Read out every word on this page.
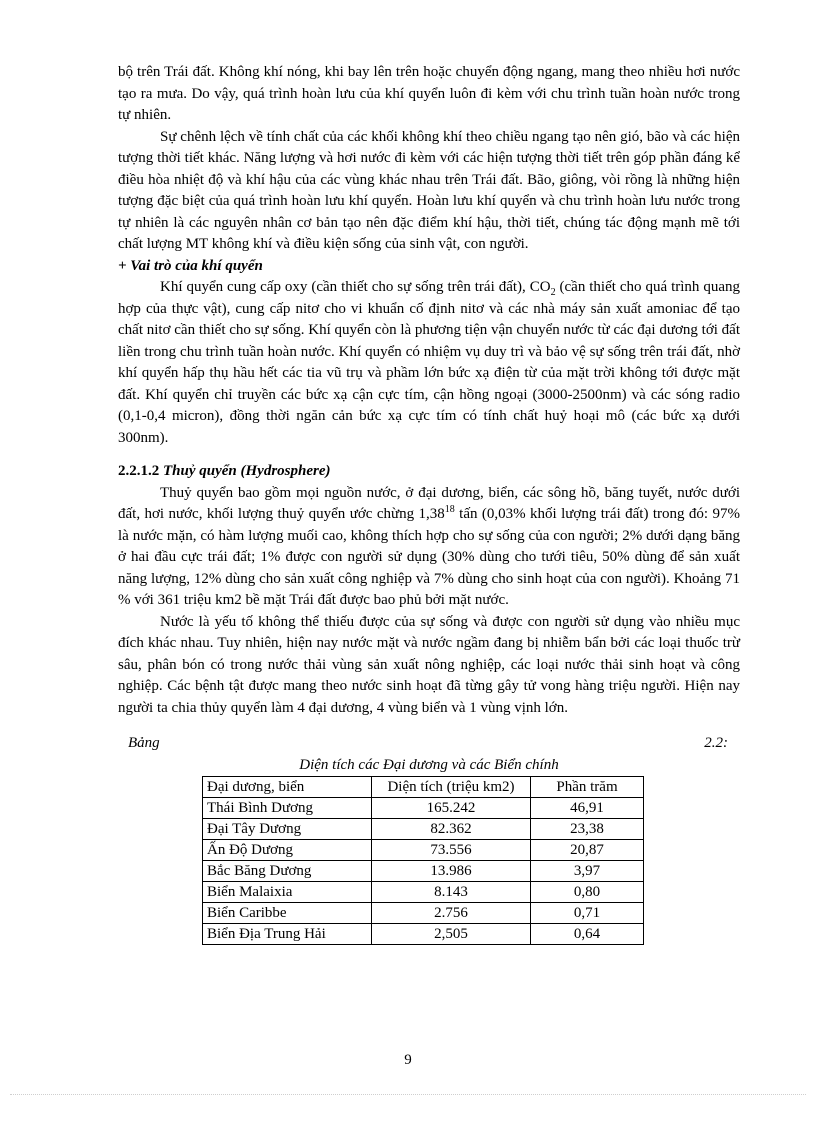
bộ trên Trái đất. Không khí nóng, khi bay lên trên hoặc chuyển động ngang, mang theo nhiều hơi nước tạo ra mưa. Do vậy, quá trình hoàn lưu của khí quyển luôn đi kèm với chu trình tuần hoàn nước trong tự nhiên.

Sự chênh lệch về tính chất của các khối không khí theo chiều ngang tạo nên gió, bão và các hiện tượng thời tiết khác. Năng lượng và hơi nước đi kèm với các hiện tượng thời tiết trên góp phần đáng kể điều hòa nhiệt độ và khí hậu của các vùng khác nhau trên Trái đất. Bão, giông, vòi rồng là những hiện tượng đặc biệt của quá trình hoàn lưu khí quyển. Hoàn lưu khí quyển và chu trình hoàn lưu nước trong tự nhiên là các nguyên nhân cơ bản tạo nên đặc điểm khí hậu, thời tiết, chúng tác động mạnh mẽ tới chất lượng MT không khí và điều kiện sống của sinh vật, con người.

+ Vai trò của khí quyển

Khí quyển cung cấp oxy (cần thiết cho sự sống trên trái đất), $CO_2$ (cần thiết cho quá trình quang hợp của thực vật), cung cấp nitơ cho vi khuẩn cố định nitơ và các nhà máy sản xuất amoniac để tạo chất nitơ cần thiết cho sự sống. Khí quyển còn là phương tiện vận chuyển nước từ các đại dương tới đất liền trong chu trình tuần hoàn nước. Khí quyển có nhiệm vụ duy trì và bảo vệ sự sống trên trái đất, nhờ khí quyển hấp thụ hầu hết các tia vũ trụ và phầm lớn bức xạ điện từ của mặt trời không tới được mặt đất. Khí quyển chỉ truyền các bức xạ cận cực tím, cận hồng ngoại (3000-2500nm) và các sóng radio (0,1-0,4 micron), đồng thời ngăn cản bức xạ cực tím có tính chất huỷ hoại mô (các bức xạ dưới 300nm).

2.2.1.2 Thuỷ quyển (Hydrosphere)

Thuỷ quyển bao gồm mọi nguồn nước, ở đại dương, biển, các sông hồ, băng tuyết, nước dưới đất, hơi nước, khối lượng thuỷ quyển ước chừng 1,38$^{18}$ tấn (0,03% khối lượng trái đất) trong đó: 97% là nước mặn, có hàm lượng muối cao, không thích hợp cho sự sống của con người; 2% dưới dạng băng ở hai đầu cực trái đất; 1% được con người sử dụng (30% dùng cho tưới tiêu, 50% dùng để sản xuất năng lượng, 12% dùng cho sản xuất công nghiệp và 7% dùng cho sinh hoạt của con người). Khoảng 71 % với 361 triệu km2 bề mặt Trái đất được bao phủ bởi mặt nước.

Nước là yếu tố không thể thiếu được của sự sống và được con người sử dụng vào nhiều mục đích khác nhau. Tuy nhiên, hiện nay nước mặt và nước ngầm đang bị nhiễm bẩn bởi các loại thuốc trừ sâu, phân bón có trong nước thải vùng sản xuất nông nghiệp, các loại nước thải sinh hoạt và công nghiệp. Các bệnh tật được mang theo nước sinh hoạt đã từng gây tử vong hàng triệu người. Hiện nay người ta chia thủy quyển làm 4 đại dương, 4 vùng biển và 1 vùng vịnh lớn.

Bảng	2.2:
Diện tích các Đại dương và các Biển chính
Đại dương, biển	Diện tích (triệu km2)	Phần trăm
Thái Bình Dương	165.242	46,91
Đại Tây Dương	82.362	23,38
Ấn Độ Dương	73.556	20,87
Bắc Băng Dương	13.986	3,97
Biển Malaixia	8.143	0,80
Biển Caribbe	2.756	0,71
Biển Địa Trung Hải	2,505	0,64
9
